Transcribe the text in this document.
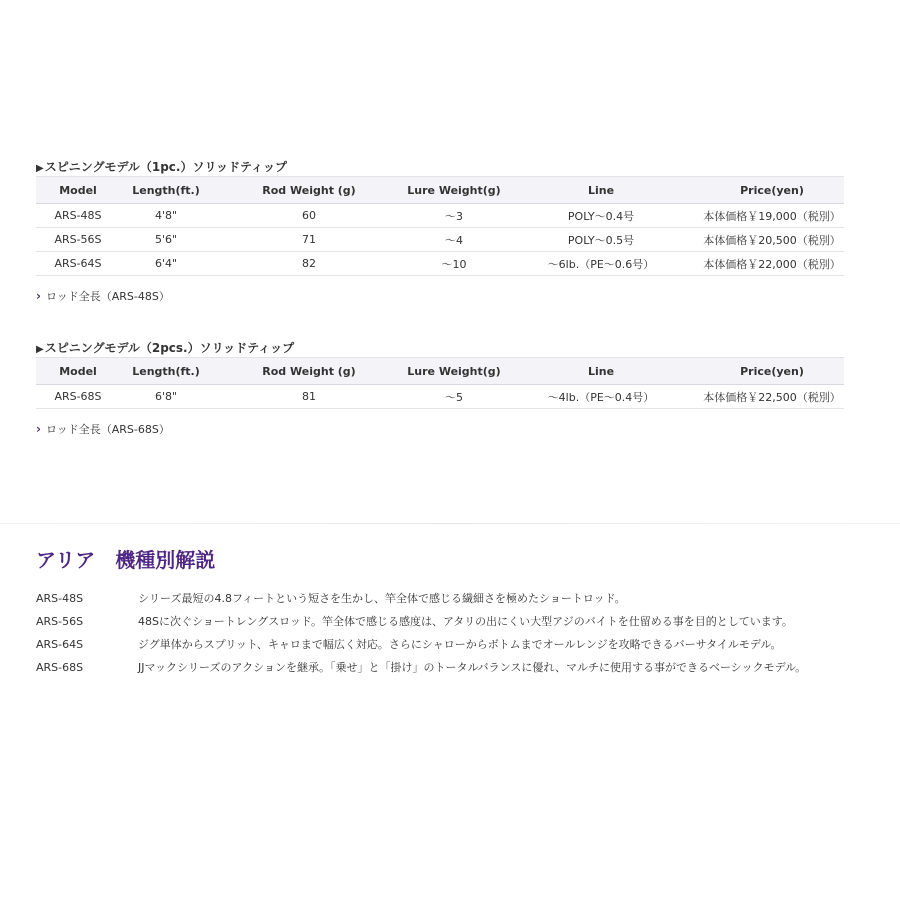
▶スピニングモデル（1pc.）ソリッドティップ
Model	Length(ft.)	Rod Weight (g)	Lure Weight(g)	Line	Price(yen)
ARS-48S	4'8"	60	～3	POLY～0.4号	本体価格￥19,000（税別）
ARS-56S	5'6"	71	～4	POLY～0.5号	本体価格￥20,500（税別）
ARS-64S	6'4"	82	～10	～6lb.（PE～0.6号）	本体価格￥22,000（税別）
› ロッド全長（ARS-48S）
▶スピニングモデル（2pcs.）ソリッドティップ
Model	Length(ft.)	Rod Weight (g)	Lure Weight(g)	Line	Price(yen)
ARS-68S	6'8"	81	～5	～4lb.（PE～0.4号）	本体価格￥22,500（税別）
› ロッド全長（ARS-68S）
アリア 機種別解説
ARS-48S	シリーズ最短の4.8フィートという短さを生かし、竿全体で感じる繊細さを極めたショートロッド。
ARS-56S	48Sに次ぐショートレングスロッド。竿全体で感じる感度は、アタリの出にくい大型アジのバイトを仕留める事を目的としています。
ARS-64S	ジグ単体からスプリット、キャロまで幅広く対応。さらにシャローからボトムまでオールレンジを攻略できるバーサタイルモデル。
ARS-68S	JJマックシリーズのアクションを継承。「乗せ」と「掛け」のトータルバランスに優れ、マルチに使用する事ができるベーシックモデル。
